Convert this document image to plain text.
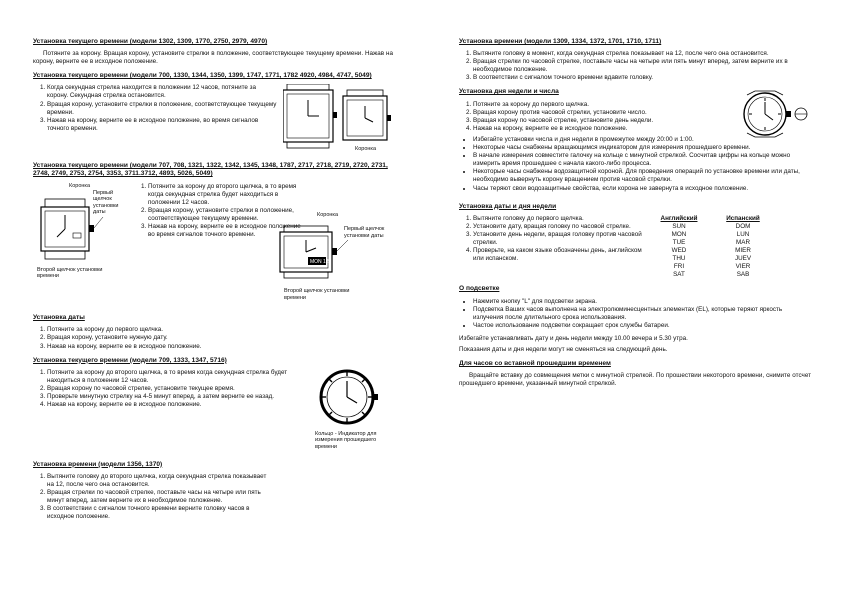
Установка текущего времени (модели 1302, 1309, 1770, 2750, 2979, 4970)

Потяните за корону. Вращая корону, установите стрелки в положение, соответствующее текущему времени. Нажав на корону, верните ее в исходное положение.

Установка текущего времени (модели 700, 1330, 1344, 1350, 1399, 1747, 1771, 1782 4920, 4984, 4747, 5049)
1. Когда секундная стрелка находится в положении 12 часов, потяните за корону. Секундная стрелка остановится.
2. Вращая корону, установите стрелки в положение, соответствующее текущему времени.
3. Нажав на корону, верните ее в исходное положение, во время сигналов точного времени.
Коронка
Установка текущего времени (модели 707, 708, 1321, 1322, 1342, 1345, 1348, 1787, 2717, 2718, 2719, 2720, 2731, 2748, 2749, 2753, 2754, 3353, 3711.3712, 4893, 5026, 5049)
Коронка
Первый щелчок установки даты
Второй щелчок установки времени
1. Потяните за корону до второго щелчка, в то время когда секундная стрелка будет находиться в положении 12 часов.
2. Вращая корону, установите стрелки в положение, соответствующее текущему времени.
3. Нажав на корону, верните ее в исходное положение во время сигналов точного времени.
Коронка
Первый щелчок установки даты
MON 12
Второй щелчок установки времени
Установка даты
1. Потяните за корону до первого щелчка.
2. Вращая корону, установите нужную дату.
3. Нажав на корону, верните ее в исходное положение.
Установка текущего времени (модели 709, 1333, 1347, 5716)
1. Потяните за корону до второго щелчка, в то время когда секундная стрелка будет находиться в положении 12 часов.
2. Вращая корону по часовой стрелке, установите текущее время.
3. Проверьте минутную стрелку на 4-5 минут вперед, а затем верните ее назад.
4. Нажав на корону, верните ее в исходное положение.
Кольцо - Индикатор для измерения прошедшего времени
Установка времени (модели 1356, 1370)
1. Вытяните головку до второго щелчка, когда секундная стрелка показывает на 12, после чего она остановится.
2. Вращая стрелки по часовой стрелке, поставьте часы на четыре или пять минут вперед, затем верните их в необходимое положение.
3. В соответствии с сигналом точного времени верните головку часов в исходное положение.
Установка времени (модели 1309, 1334, 1372, 1701, 1710, 1711)
1. Вытяните головку в момент, когда секундная стрелка показывает на 12, после чего она остановится.
2. Вращая стрелки по часовой стрелке, поставьте часы на четыре или пять минут вперед, затем верните их в необходимое положение.
3. В соответствии с сигналом точного времени вдавите головку.
Установка дня недели и числа
1. Потяните за корону до первого щелчка.
2. Вращая корону против часовой стрелки, установите число.
3. Вращая корону по часовой стрелке, установите день недели.
4. Нажав на корону, верните ее в исходное положение.
• Избегайте установки числа и дня недели в промежутке между 20:00 и 1:00.
• Некоторые часы снабжены вращающимся индикатором для измерения прошедшего времени.
• В начале измерения совместите галочку на кольце с минутной стрелкой. Сосчитав цифры на кольце можно измерить время прошедшее с начала какого-либо процесса.
• Некоторые часы снабжены водозащитной короной. Для проведения операций по установке времени или даты, необходимо вывернуть корону вращением против часовой стрелки.
• Часы теряют свои водозащитные свойства, если корона не завернута в исходное положение.
Установка даты и дня недели
1. Вытяните головку до первого щелчка.
2. Установите дату, вращая головку по часовой стрелке.
3. Установите день недели, вращая головку против часовой стрелки.
4. Проверьте, на каком языке обозначены день, английском или испанском.
Английский	Испанский
SUN	DOM
MON	LUN
TUE	MAR
WED	MIER
THU	JUEV
FRI	VIER
SAT	SAB
О подсветке
• Нажмите кнопку "L" для подсветки экрана.
• Подсветка Ваших часов выполнена на электролюминесцентных элементах (EL), которые теряют яркость излучения после длительного срока использования.
• Частое использование подсветки сокращает срок службы батареи.

Избегайте устанавливать дату и день недели между 10.00 вечера и 5.30 утра.

Показания даты и дня недели могут не сменяться на следующий день.

Для часов со вставной прошедшим временем

Вращайте вставку до совмещения метки с минутной стрелкой. По прошествии некоторого времени, снимите отсчет прошедшего времени, указанный минутной стрелкой.
